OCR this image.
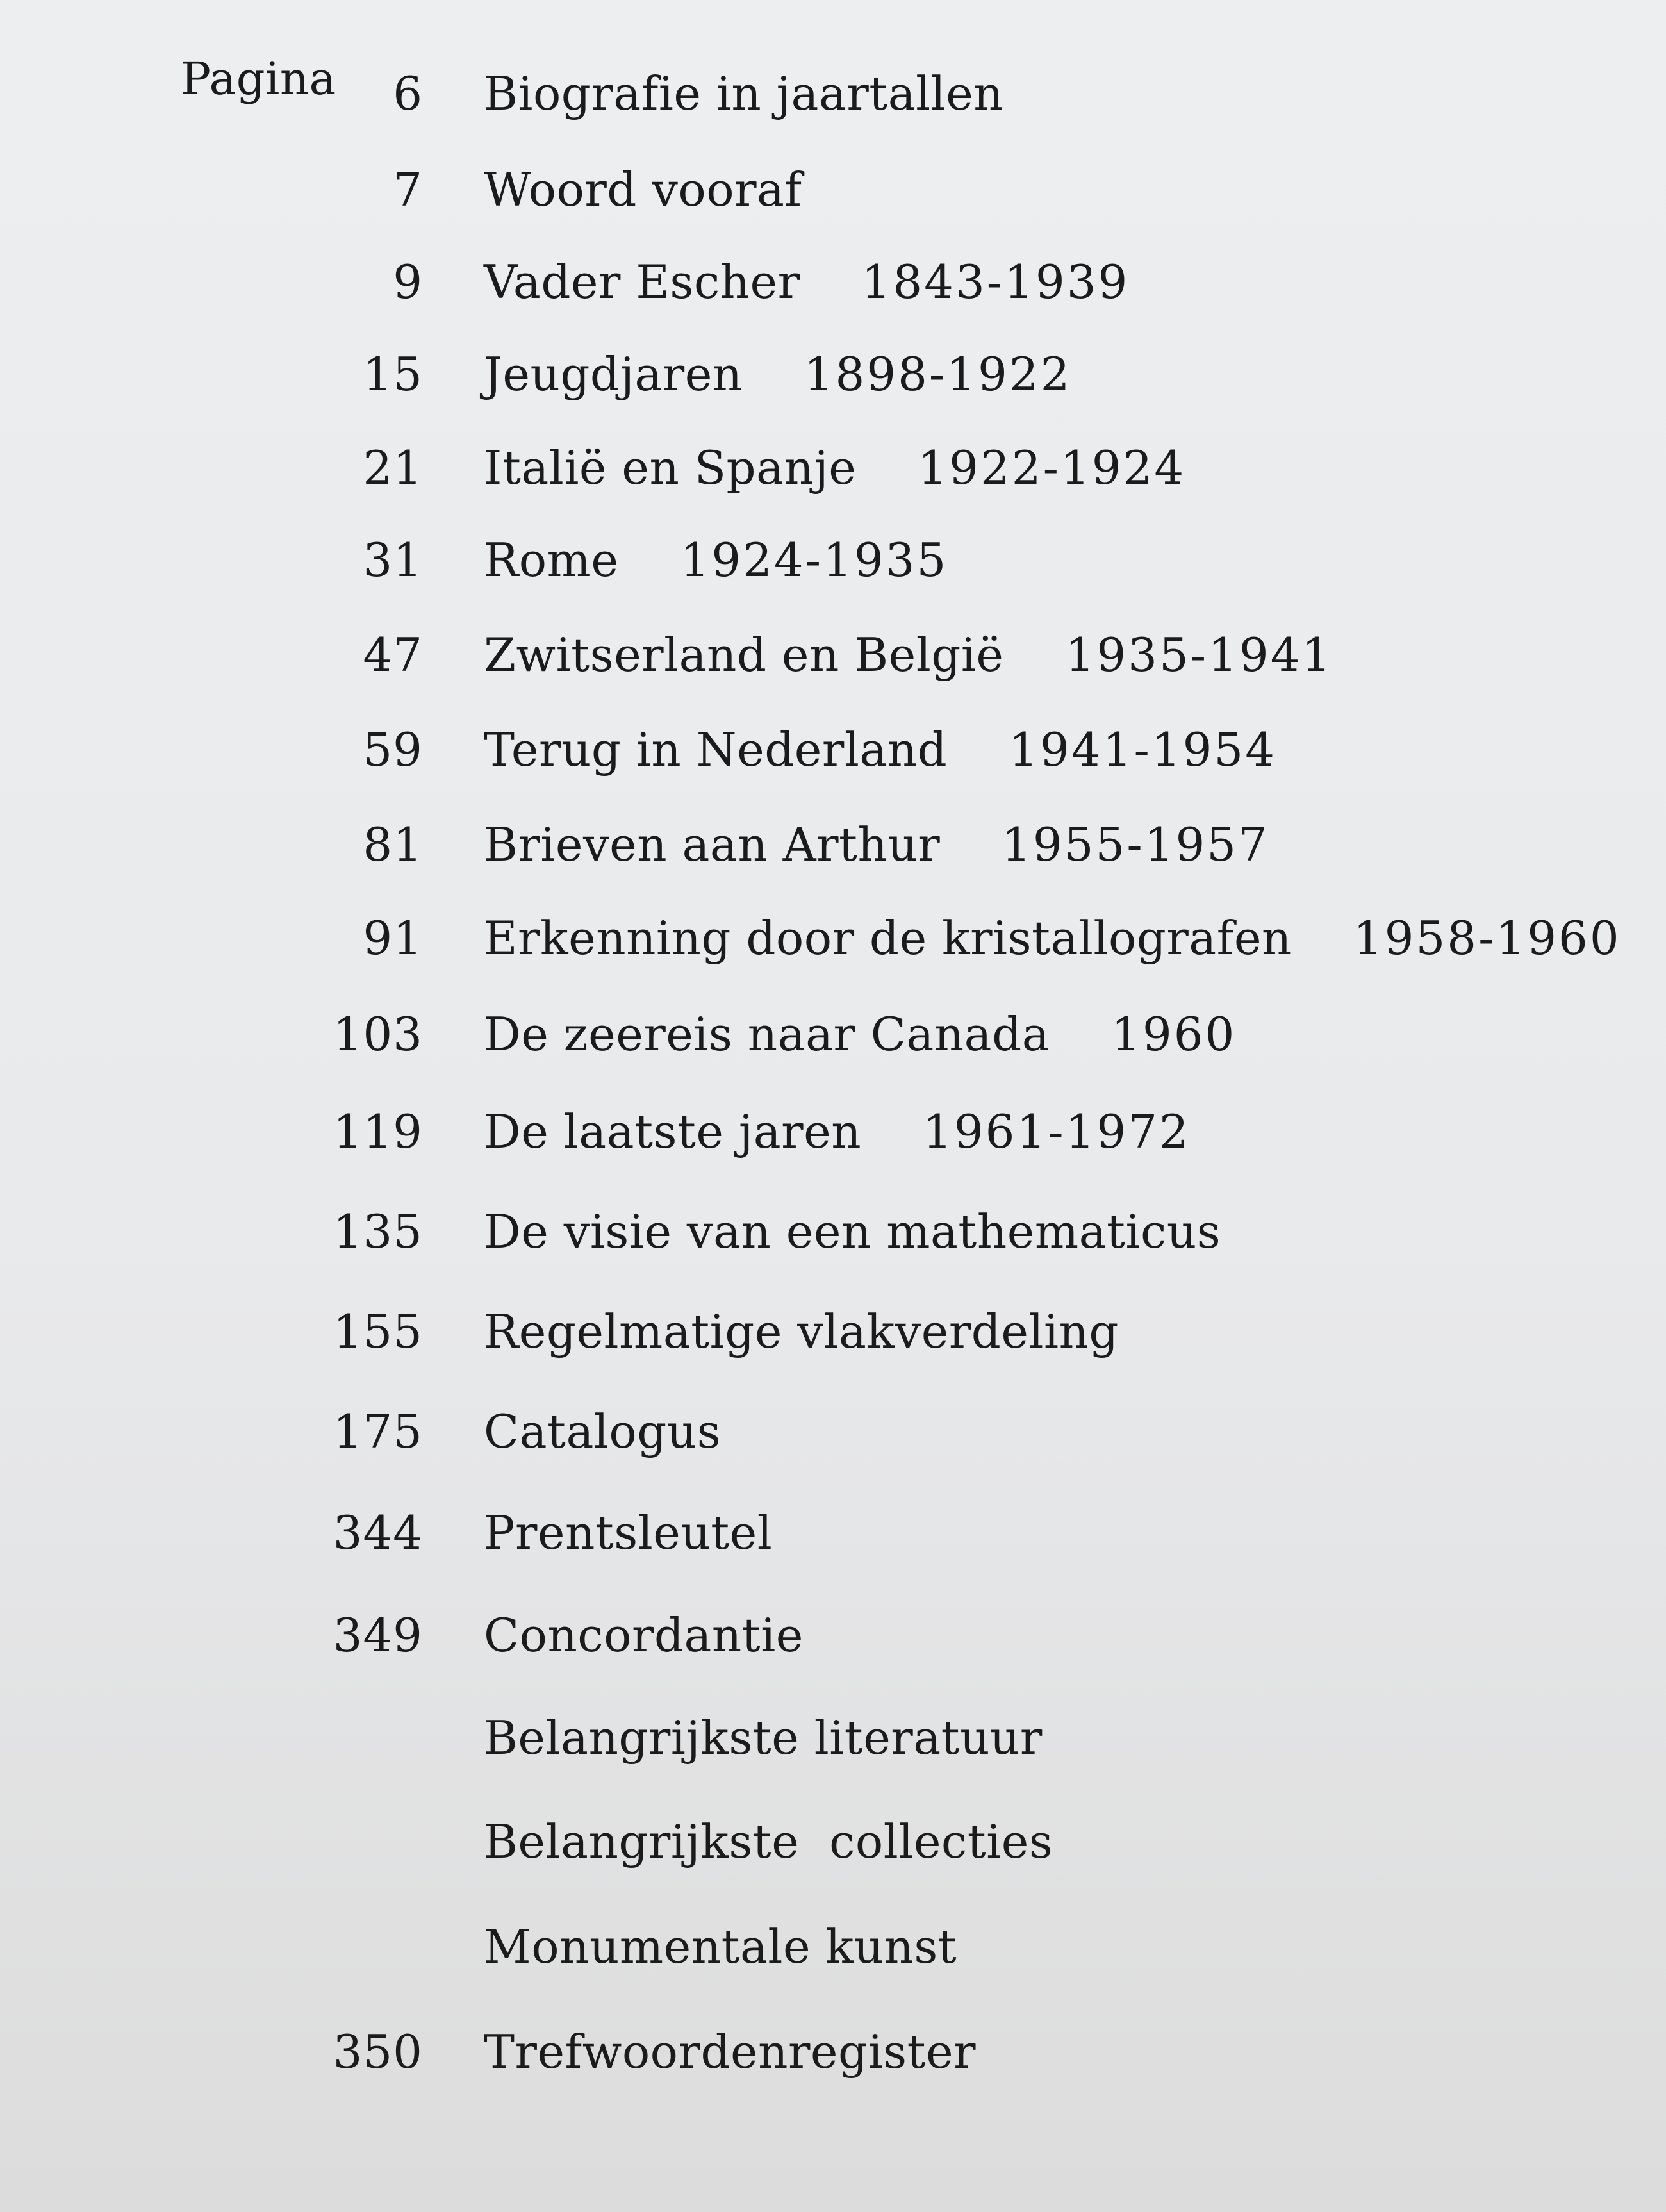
Pagina 6 Biografie in jaartallen
7 Woord vooraf
9 Vader Escher 1843-1939
15 Jeugdjaren 1898-1922
21 Italië en Spanje 1922-1924
31 Rome 1924-1935
47 Zwitserland en België 1935-1941
59 Terug in Nederland 1941-1954
81 Brieven aan Arthur 1955-1957
91 Erkenning door de kristallografen 1958-1960
103 De zeereis naar Canada 1960
119 De laatste jaren 1961-1972
135 De visie van een mathematicus
155 Regelmatige vlakverdeling
175 Catalogus
344 Prentsleutel
349 Concordantie
Belangrijkste literatuur
Belangrijkste  collecties
Monumentale kunst
350 Trefwoordenregister
